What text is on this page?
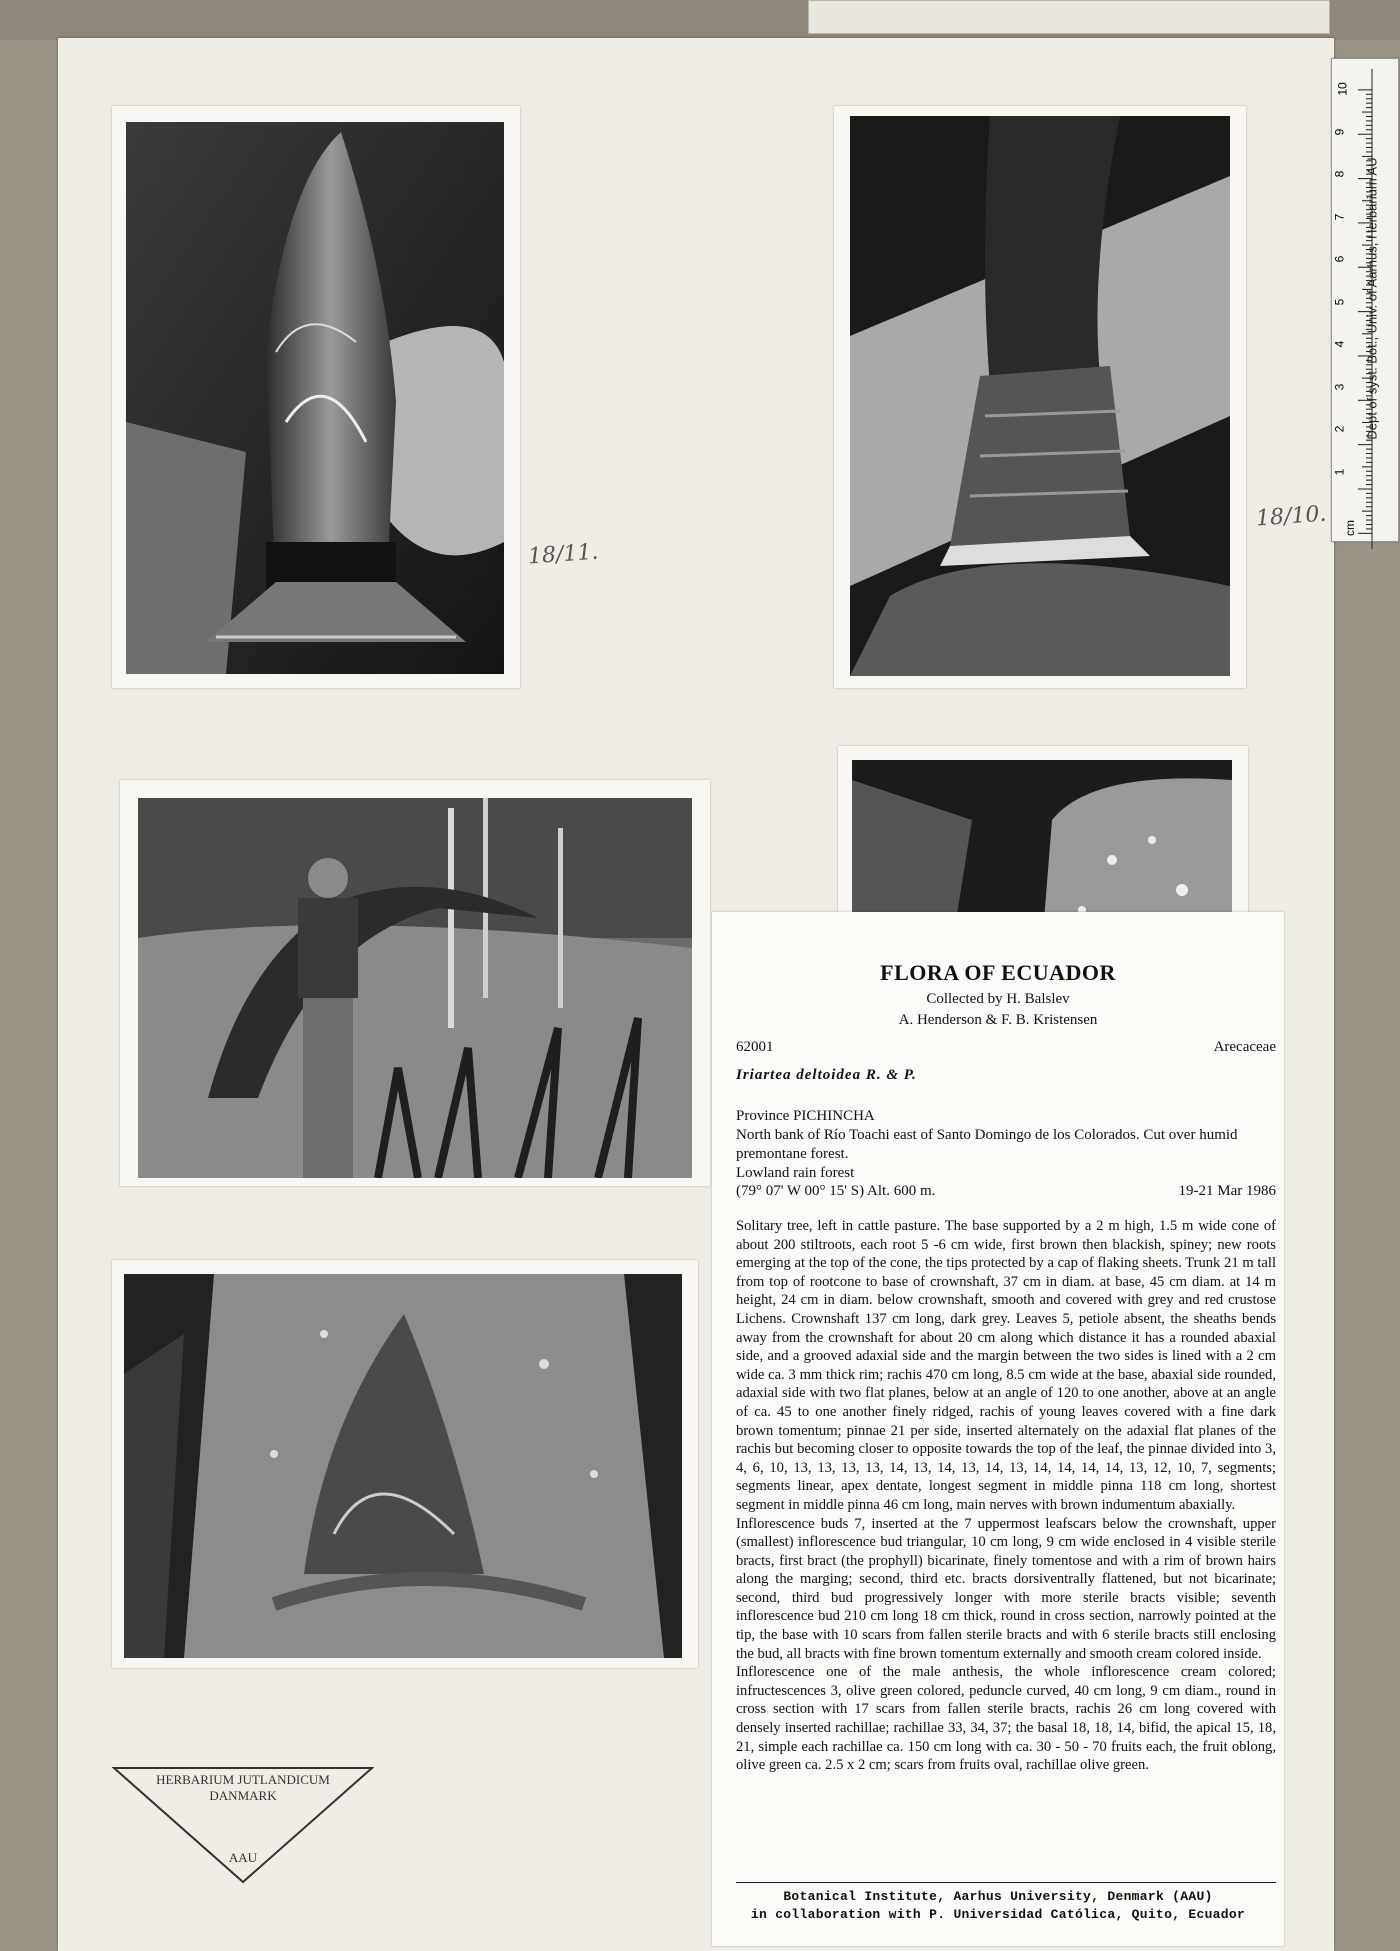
18/11.
18/10.
Dept of syst. Bot., Univ. of Aarhus, Herbarium AU
1
2
3
4
5
6
7
8
9
10
cm
FLORA OF ECUADOR
Collected by H. Balslev
A. Henderson & F. B. Kristensen
62001	Arecaceae
Iriartea deltoidea R. & P.
Province PICHINCHA
North bank of Río Toachi east of Santo Domingo de los Colorados. Cut over humid premontane forest.
Lowland rain forest
(79° 07' W 00° 15' S) Alt. 600 m.	19-21 Mar 1986

Solitary tree, left in cattle pasture. The base supported by a 2 m high, 1.5 m wide cone of about 200 stiltroots, each root 5 -6 cm wide, first brown then blackish, spiney; new roots emerging at the top of the cone, the tips protected by a cap of flaking sheets. Trunk 21 m tall from top of rootcone to base of crownshaft, 37 cm in diam. at base, 45 cm diam. at 14 m height, 24 cm in diam. below crownshaft, smooth and covered with grey and red crustose Lichens. Crownshaft 137 cm long, dark grey. Leaves 5, petiole absent, the sheaths bends away from the crownshaft for about 20 cm along which distance it has a rounded abaxial side, and a grooved adaxial side and the margin between the two sides is lined with a 2 cm wide ca. 3 mm thick rim; rachis 470 cm long, 8.5 cm wide at the base, abaxial side rounded, adaxial side with two flat planes, below at an angle of 120 to one another, above at an angle of ca. 45 to one another finely ridged, rachis of young leaves covered with a fine dark brown tomentum; pinnae 21 per side, inserted alternately on the adaxial flat planes of the rachis but becoming closer to opposite towards the top of the leaf, the pinnae divided into 3, 4, 6, 10, 13, 13, 13, 13, 14, 13, 14, 13, 14, 13, 14, 14, 14, 14, 13, 12, 10, 7, segments; segments linear, apex dentate, longest segment in middle pinna 118 cm long, shortest segment in middle pinna 46 cm long, main nerves with brown indumentum abaxially.

Inflorescence buds 7, inserted at the 7 uppermost leafscars below the crownshaft, upper (smallest) inflorescence bud triangular, 10 cm long, 9 cm wide enclosed in 4 visible sterile bracts, first bract (the prophyll) bicarinate, finely tomentose and with a rim of brown hairs along the marging; second, third etc. bracts dorsiventrally flattened, but not bicarinate; second, third bud progressively longer with more sterile bracts visible; seventh inflorescence bud 210 cm long 18 cm thick, round in cross section, narrowly pointed at the tip, the base with 10 scars from fallen sterile bracts and with 6 sterile bracts still enclosing the bud, all bracts with fine brown tomentum externally and smooth cream colored inside.

Inflorescence one of the male anthesis, the whole inflorescence cream colored; infructescences 3, olive green colored, peduncle curved, 40 cm long, 9 cm diam., round in cross section with 17 scars from fallen sterile bracts, rachis 26 cm long covered with densely inserted rachillae; rachillae 33, 34, 37; the basal 18, 18, 14, bifid, the apical 15, 18, 21, simple each rachillae ca. 150 cm long with ca. 30 - 50 - 70 fruits each, the fruit oblong, olive green ca. 2.5 x 2 cm; scars from fruits oval, rachillae olive green.

Botanical Institute, Aarhus University, Denmark (AAU)
in collaboration with P. Universidad Católica, Quito, Ecuador
HERBARIUM JUTLANDICUM
DANMARK
AAU
